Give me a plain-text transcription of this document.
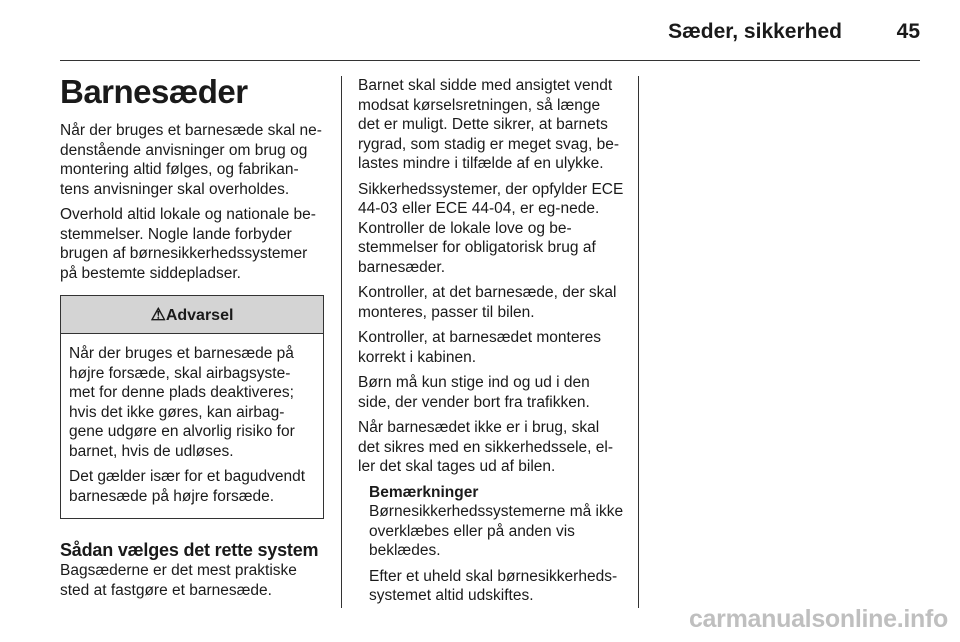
Sæder, sikkerhed	45
Barnesæder

Når der bruges et barnesæde skal ne-denstående anvisninger om brug og montering altid følges, og fabrikan-tens anvisninger skal overholdes.

Overhold altid lokale og nationale be-stemmelser. Nogle lande forbyder brugen af børnesikkerhedssystemer på bestemte siddepladser.

⚠Advarsel

Når der bruges et barnesæde på højre forsæde, skal airbagsyste-met for denne plads deaktiveres; hvis det ikke gøres, kan airbag-gene udgøre en alvorlig risiko for barnet, hvis de udløses.

Det gælder især for et bagudvendt barnesæde på højre forsæde.

Sådan vælges det rette system

Bagsæderne er det mest praktiske sted at fastgøre et barnesæde.

Barnet skal sidde med ansigtet vendt modsat kørselsretningen, så længe det er muligt. Dette sikrer, at barnets rygrad, som stadig er meget svag, be-lastes mindre i tilfælde af en ulykke.

Sikkerhedssystemer, der opfylder ECE 44-03 eller ECE 44-04, er eg-nede. Kontroller de lokale love og be-stemmelser for obligatorisk brug af barnesæder.

Kontroller, at det barnesæde, der skal monteres, passer til bilen.

Kontroller, at barnesædet monteres korrekt i kabinen.

Børn må kun stige ind og ud i den side, der vender bort fra trafikken.

Når barnesædet ikke er i brug, skal det sikres med en sikkerhedssele, el-ler det skal tages ud af bilen.

Bemærkninger

Børnesikkerhedssystemerne må ikke overklæbes eller på anden vis beklædes.

Efter et uheld skal børnesikkerheds-systemet altid udskiftes.

carmanualsonline.info
